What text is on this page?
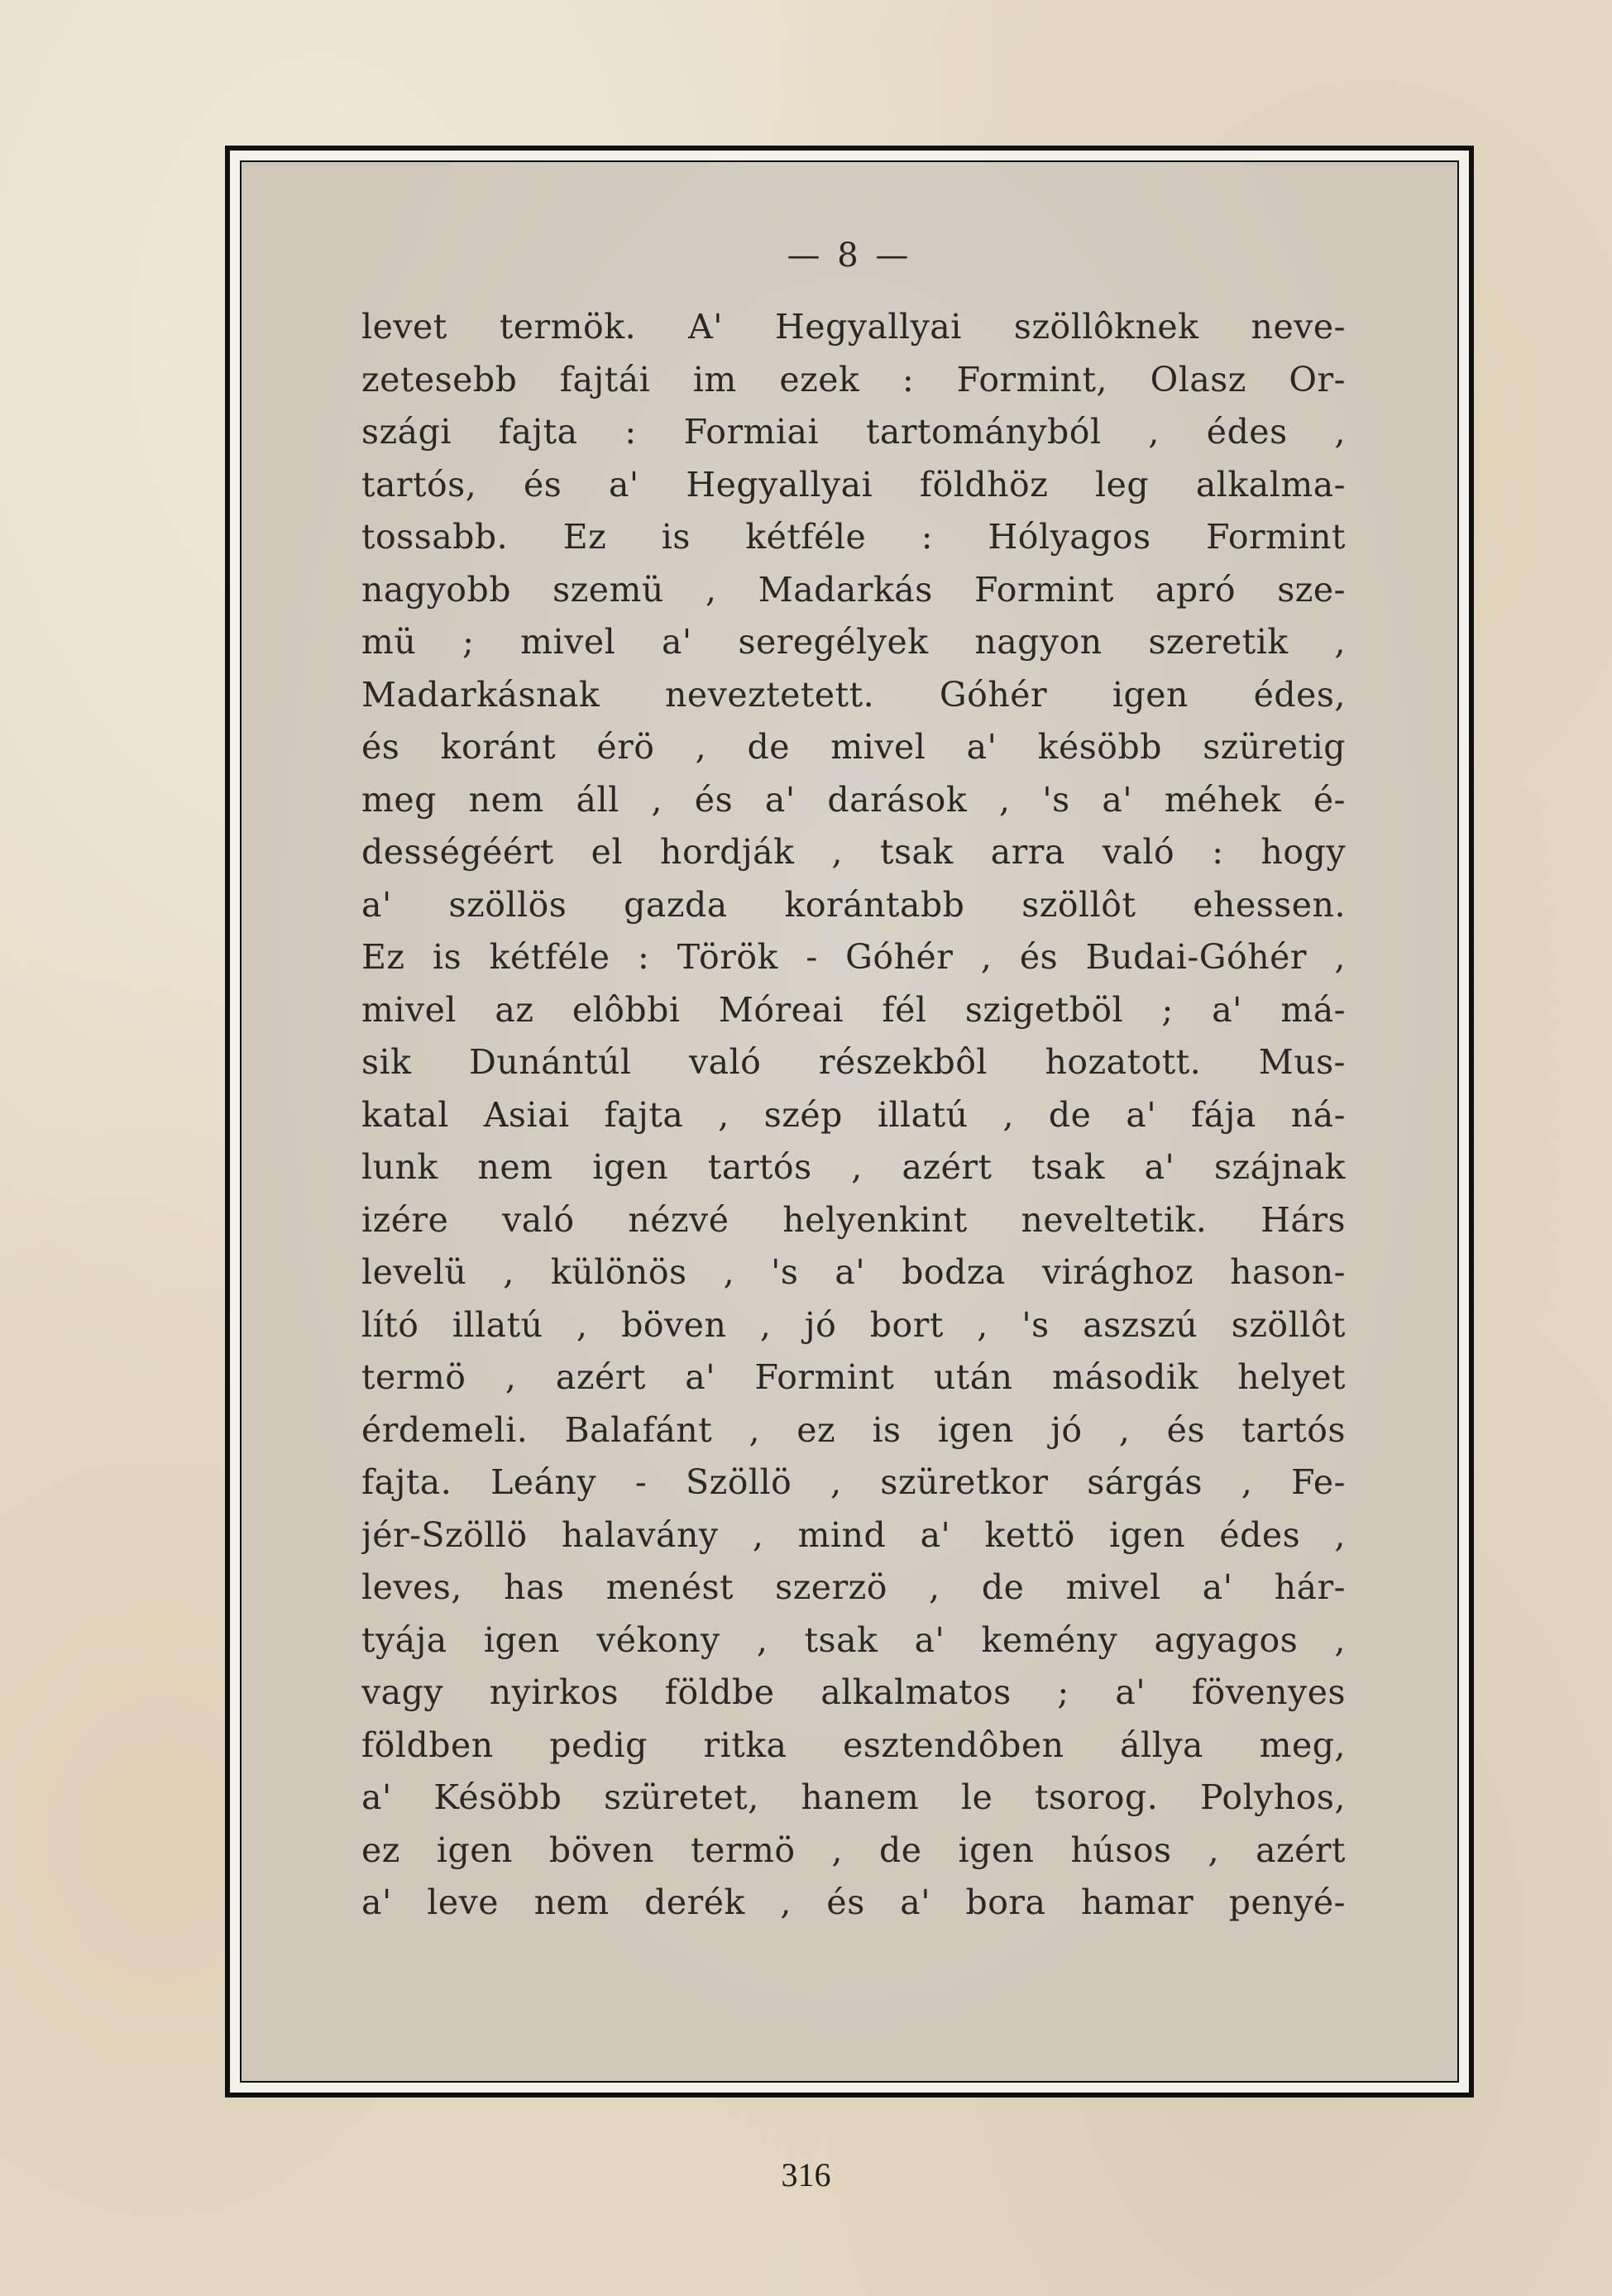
— 8 —
levet termök. A' Hegyallyai szöllôknek neve-
zetesebb fajtái im ezek : Formint, Olasz Or-
szági fajta : Formiai tartományból , édes ,
tartós, és a' Hegyallyai földhöz leg alkalma-
tossabb. Ez is kétféle : Hólyagos Formint
nagyobb szemü , Madarkás Formint apró sze-
mü ; mivel a' seregélyek nagyon szeretik ,
Madarkásnak neveztetett. Góhér igen édes,
és koránt érö , de mivel a' késöbb szüretig
meg nem áll , és a' darások , 's a' méhek é-
dességéért el hordják , tsak arra való : hogy
a' szöllös gazda korántabb szöllôt ehessen.
Ez is kétféle : Török - Góhér , és Budai-Góhér ,
mivel az elôbbi Móreai fél szigetböl ; a' má-
sik Dunántúl való részekbôl hozatott. Mus-
katal Asiai fajta , szép illatú , de a' fája ná-
lunk nem igen tartós , azért tsak a' szájnak
izére való nézvé helyenkint neveltetik. Hárs
levelü , különös , 's a' bodza virághoz hason-
lító illatú , böven , jó bort , 's aszszú szöllôt
termö , azért a' Formint után második helyet
érdemeli. Balafánt , ez is igen jó , és tartós
fajta. Leány - Szöllö , szüretkor sárgás , Fe-
jér-Szöllö halavány , mind a' kettö igen édes ,
leves, has menést szerzö , de mivel a' hár-
tyája igen vékony , tsak a' kemény agyagos ,
vagy nyirkos földbe alkalmatos ; a' fövenyes
földben pedig ritka esztendôben állya meg,
a' Késöbb szüretet, hanem le tsorog. Polyhos,
ez igen böven termö , de igen húsos , azért
a' leve nem derék , és a' bora hamar penyé-
316
